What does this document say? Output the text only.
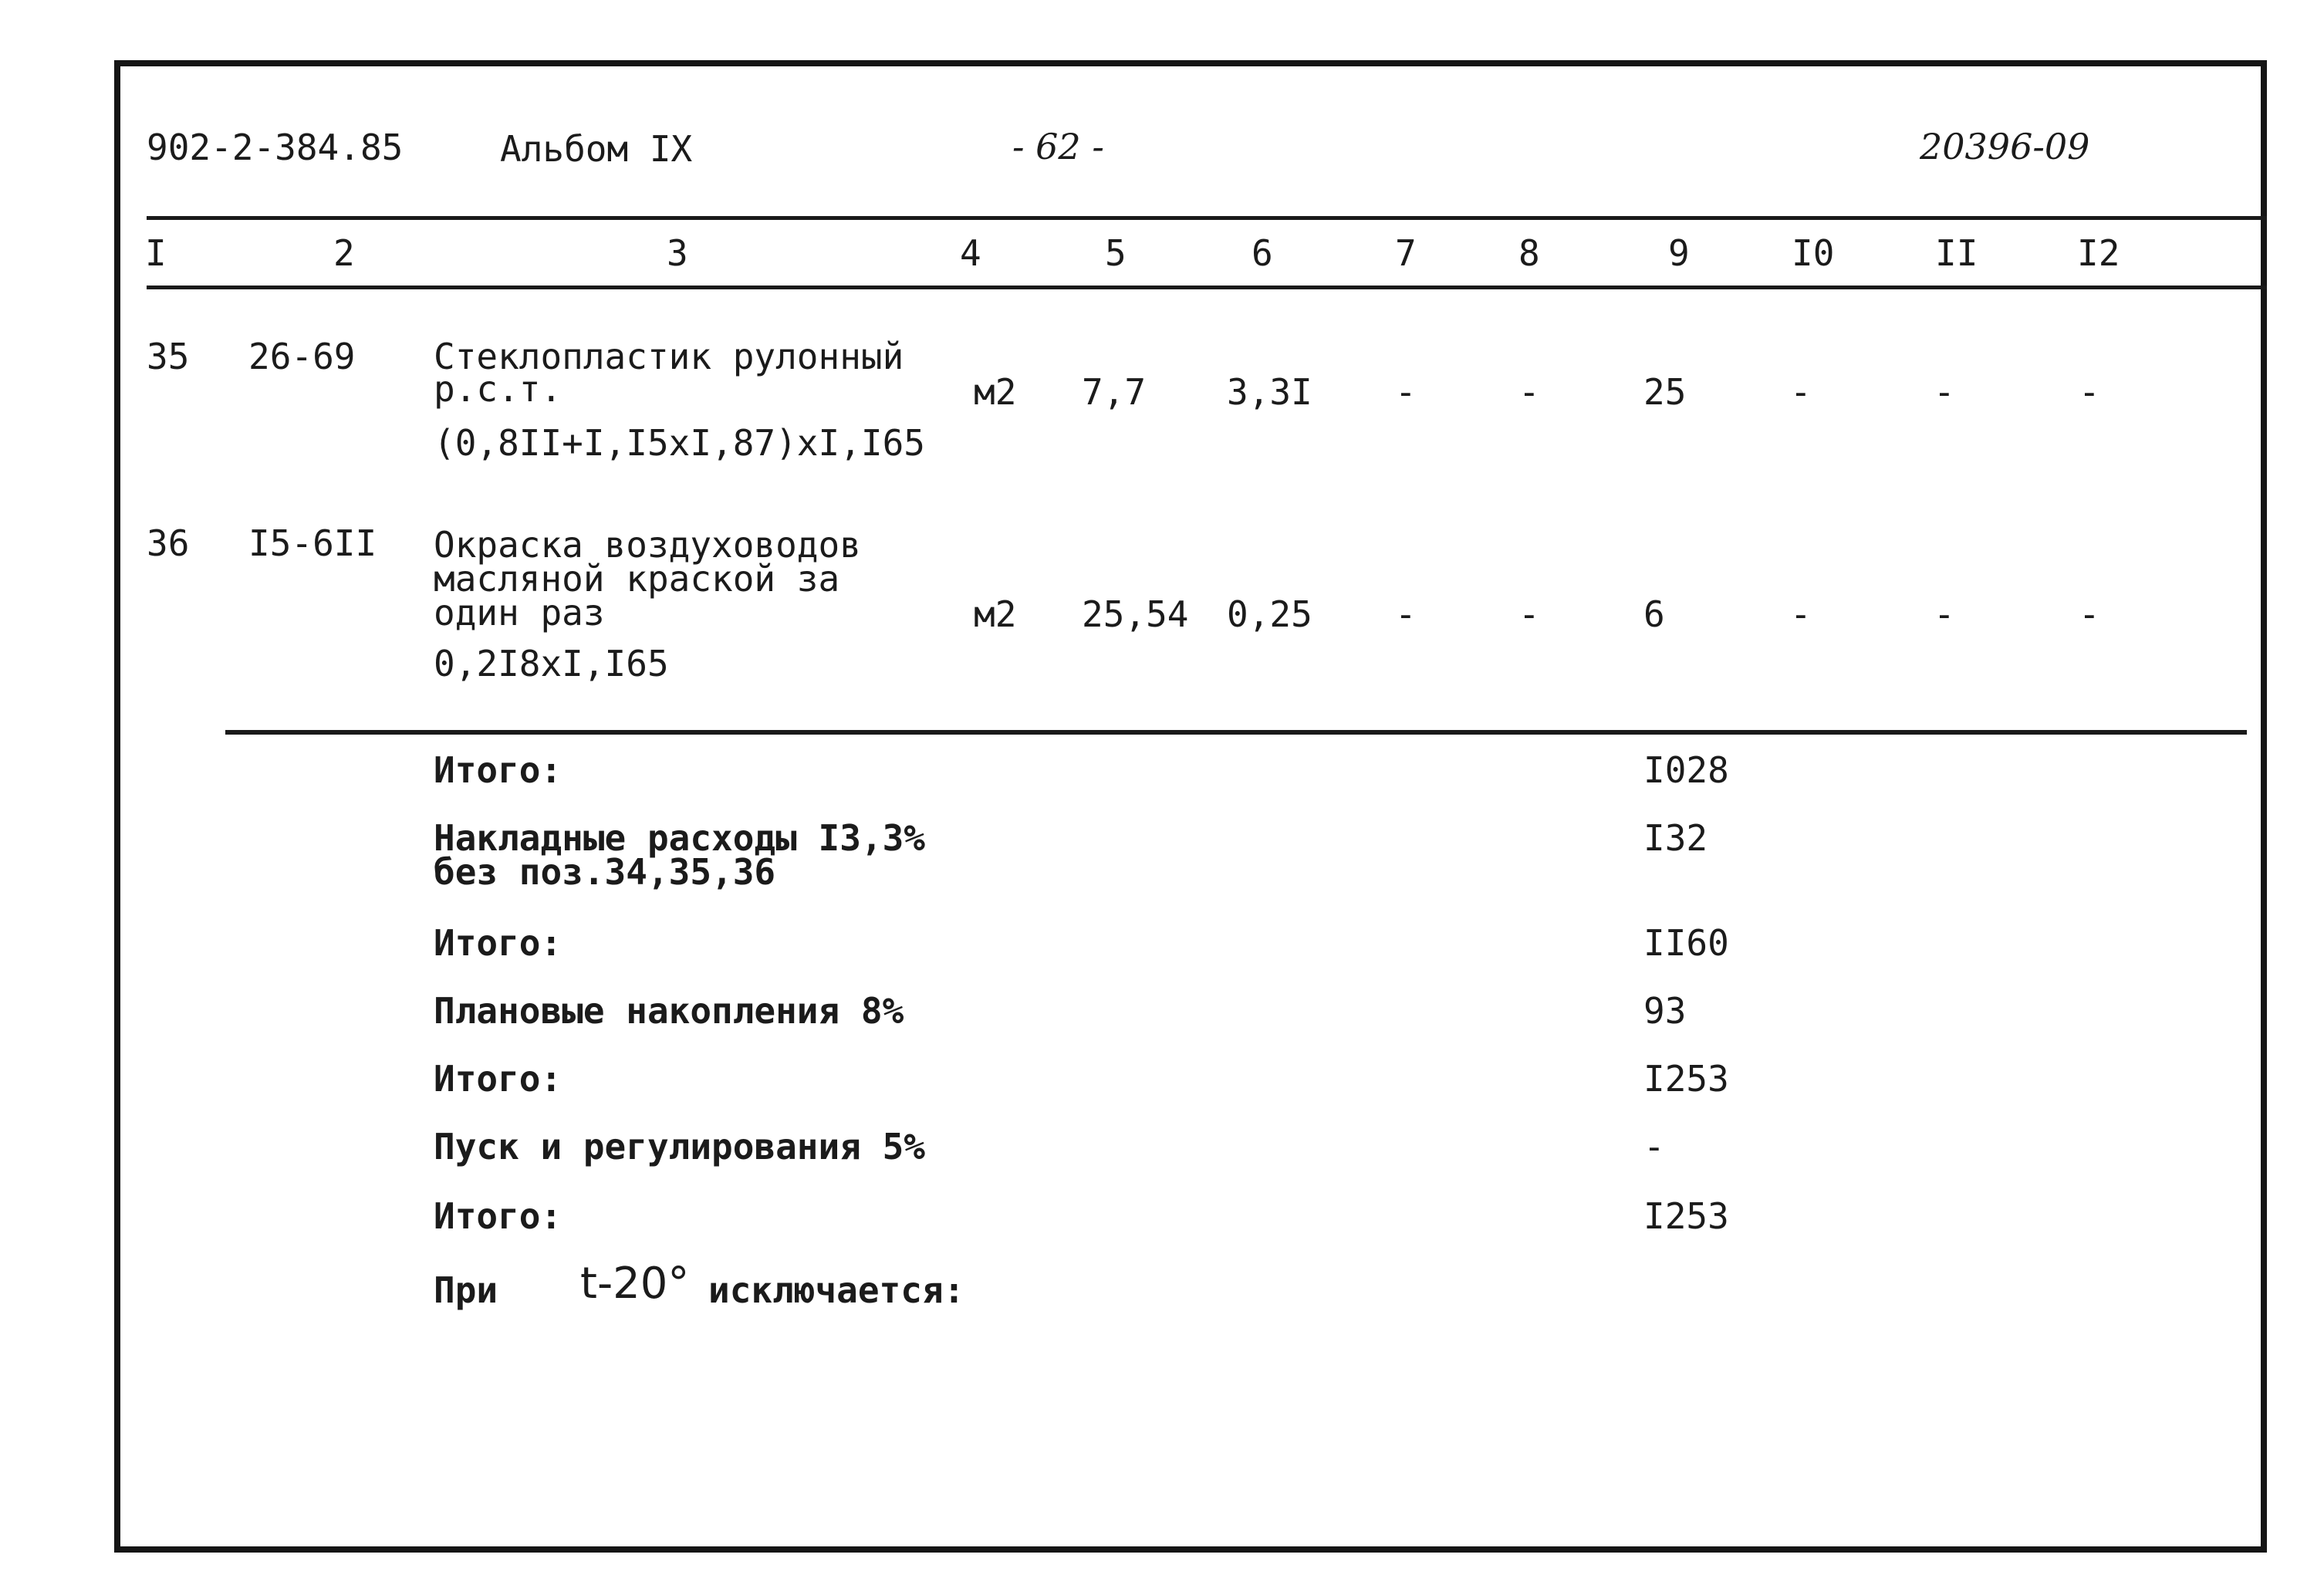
902-2-384.85	Альбом IX	- 62 -	20396-09
I	2	3	4	5	6	7	8	9	I0	II	I2
35 26-69 Стеклопластик рулонный
р.с.т.
(0,8II+I,I5xI,87)xI,I65
м2 7,7 3,3I -	-	25	-	-	-
36 I5-6II Окраска воздуховодов
масляной краской за
один раз
0,2I8xI,I65
м2 25,54 0,25 -	-	6	-	-	-
Итого:	I028
Накладные расходы I3,3%
без поз.34,35,36
I32
Итого:	II60
Плановые накопления 8%	93
Итого:	I253
Пуск и регулирования 5%	-
Итого:	I253
При t-20° исключается:
